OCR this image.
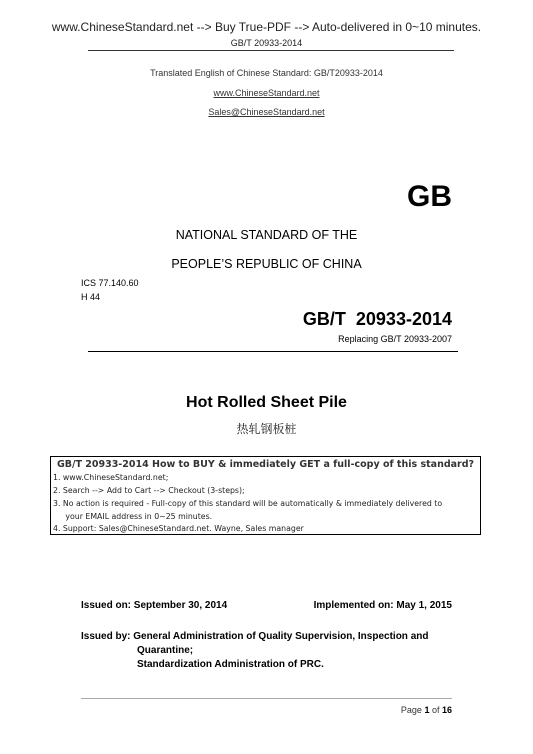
www.ChineseStandard.net --> Buy True-PDF --> Auto-delivered in 0~10 minutes.
GB/T 20933-2014
Translated English of Chinese Standard: GB/T20933-2014
www.ChineseStandard.net
Sales@ChineseStandard.net
GB
NATIONAL STANDARD OF THE
PEOPLE’S REPUBLIC OF CHINA
ICS 77.140.60
H 44
GB/T  20933-2014
Replacing GB/T 20933-2007
Hot Rolled Sheet Pile
热轧钢板桩
GB/T 20933-2014 How to BUY & immediately GET a full-copy of this standard?
1. www.ChineseStandard.net;
2. Search --> Add to Cart --> Checkout (3-steps);
3. No action is required - Full-copy of this standard will be automatically & immediately delivered to
your EMAIL address in 0~25 minutes.
4. Support: Sales@ChineseStandard.net. Wayne, Sales manager
Issued on: September 30, 2014	Implemented on: May 1, 2015
Issued by: General Administration of Quality Supervision, Inspection and
Quarantine;
Standardization Administration of PRC.
Page 1 of 16
